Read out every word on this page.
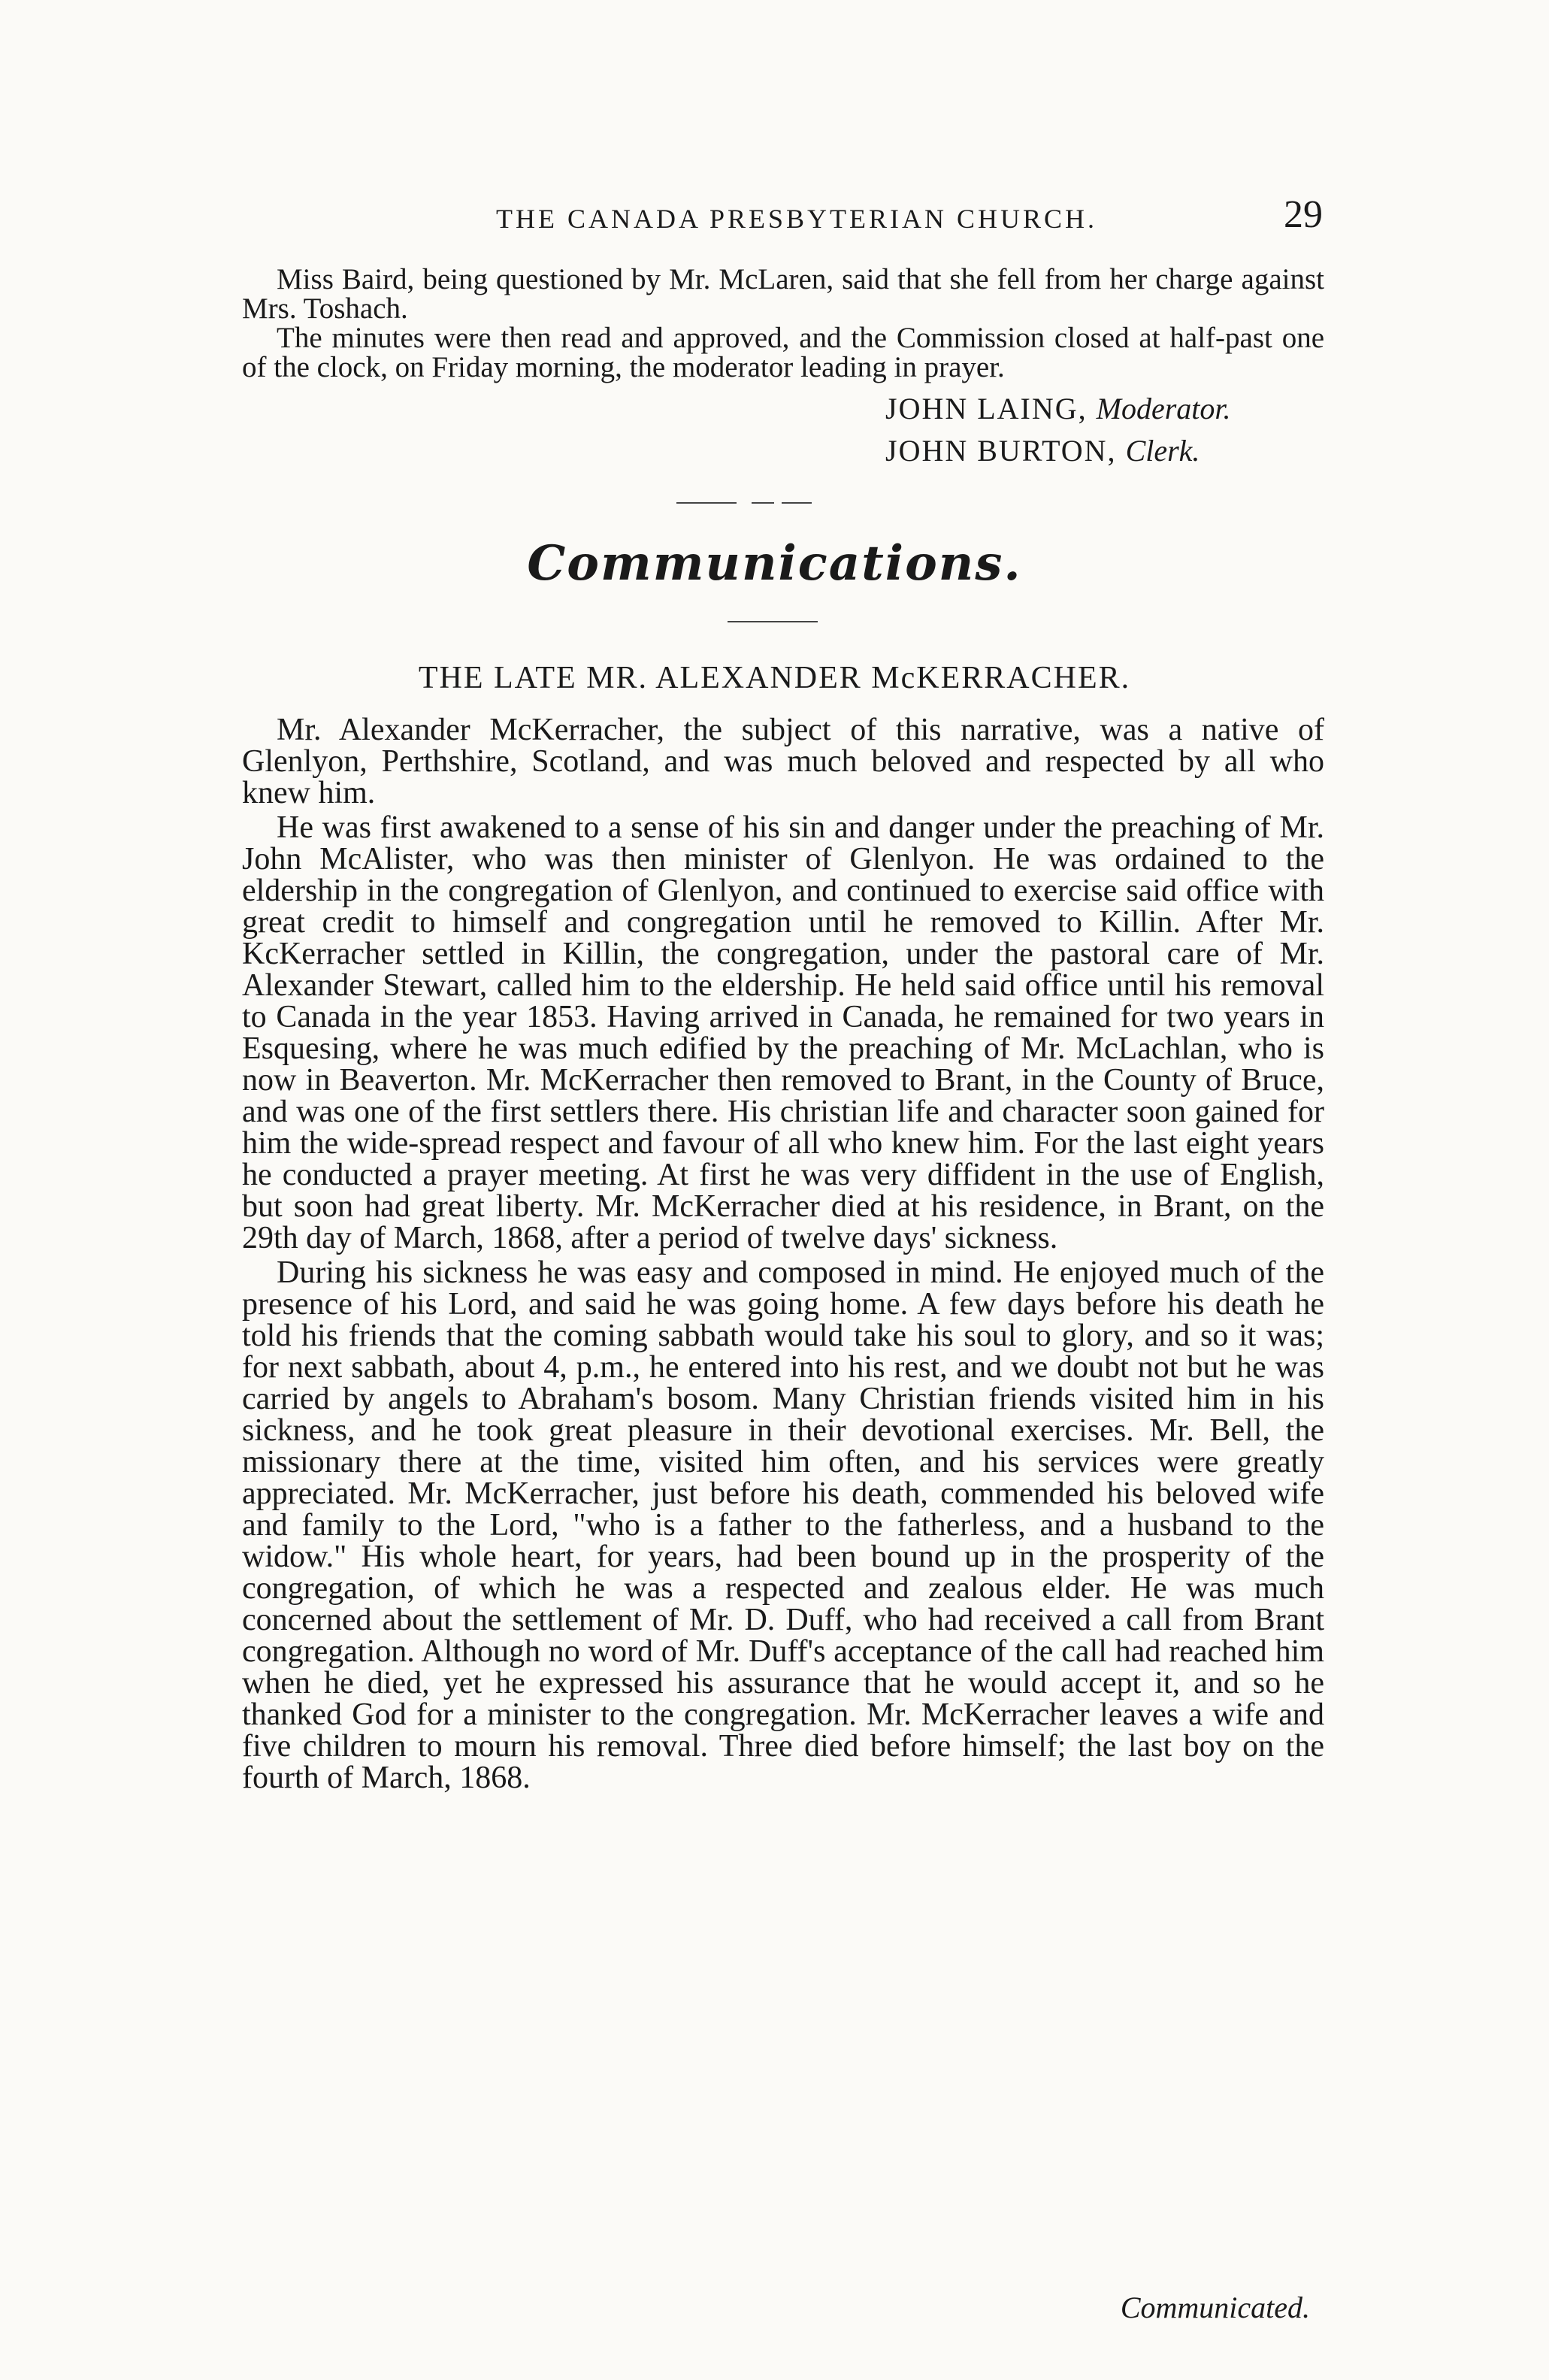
THE CANADA PRESBYTERIAN CHURCH.	29

Miss Baird, being questioned by Mr. McLaren, said that she fell from her charge against Mrs. Toshach.

The minutes were then read and approved, and the Commission closed at half-past one of the clock, on Friday morning, the moderator leading in prayer.

JOHN LAING, Moderator.
JOHN BURTON, Clerk.
Communications.
THE LATE MR. ALEXANDER McKERRACHER.

Mr. Alexander McKerracher, the subject of this narrative, was a native of Glenlyon, Perthshire, Scotland, and was much beloved and respected by all who knew him.

He was first awakened to a sense of his sin and danger under the preaching of Mr. John McAlister, who was then minister of Glenlyon. He was ordained to the eldership in the congregation of Glenlyon, and continued to exercise said office with great credit to himself and congregation until he removed to Killin. After Mr. KcKerracher settled in Killin, the congregation, under the pastoral care of Mr. Alexander Stewart, called him to the eldership. He held said office until his removal to Canada in the year 1853. Having arrived in Canada, he remained for two years in Esquesing, where he was much edified by the preaching of Mr. McLachlan, who is now in Beaverton. Mr. McKerracher then removed to Brant, in the County of Bruce, and was one of the first settlers there. His christian life and character soon gained for him the wide-spread respect and favour of all who knew him. For the last eight years he conducted a prayer meeting. At first he was very diffident in the use of English, but soon had great liberty. Mr. McKerracher died at his residence, in Brant, on the 29th day of March, 1868, after a period of twelve days' sickness.

During his sickness he was easy and composed in mind. He enjoyed much of the presence of his Lord, and said he was going home. A few days before his death he told his friends that the coming sabbath would take his soul to glory, and so it was; for next sabbath, about 4, p.m., he entered into his rest, and we doubt not but he was carried by angels to Abraham's bosom. Many Christian friends visited him in his sickness, and he took great pleasure in their devotional exercises. Mr. Bell, the missionary there at the time, visited him often, and his services were greatly appreciated. Mr. McKerracher, just before his death, commended his beloved wife and family to the Lord, "who is a father to the fatherless, and a husband to the widow." His whole heart, for years, had been bound up in the prosperity of the congregation, of which he was a respected and zealous elder. He was much concerned about the settlement of Mr. D. Duff, who had received a call from Brant congregation. Although no word of Mr. Duff's acceptance of the call had reached him when he died, yet he expressed his assurance that he would accept it, and so he thanked God for a minister to the congregation. Mr. McKerracher leaves a wife and five children to mourn his removal. Three died before himself; the last boy on the fourth of March, 1868.

Communicated.
